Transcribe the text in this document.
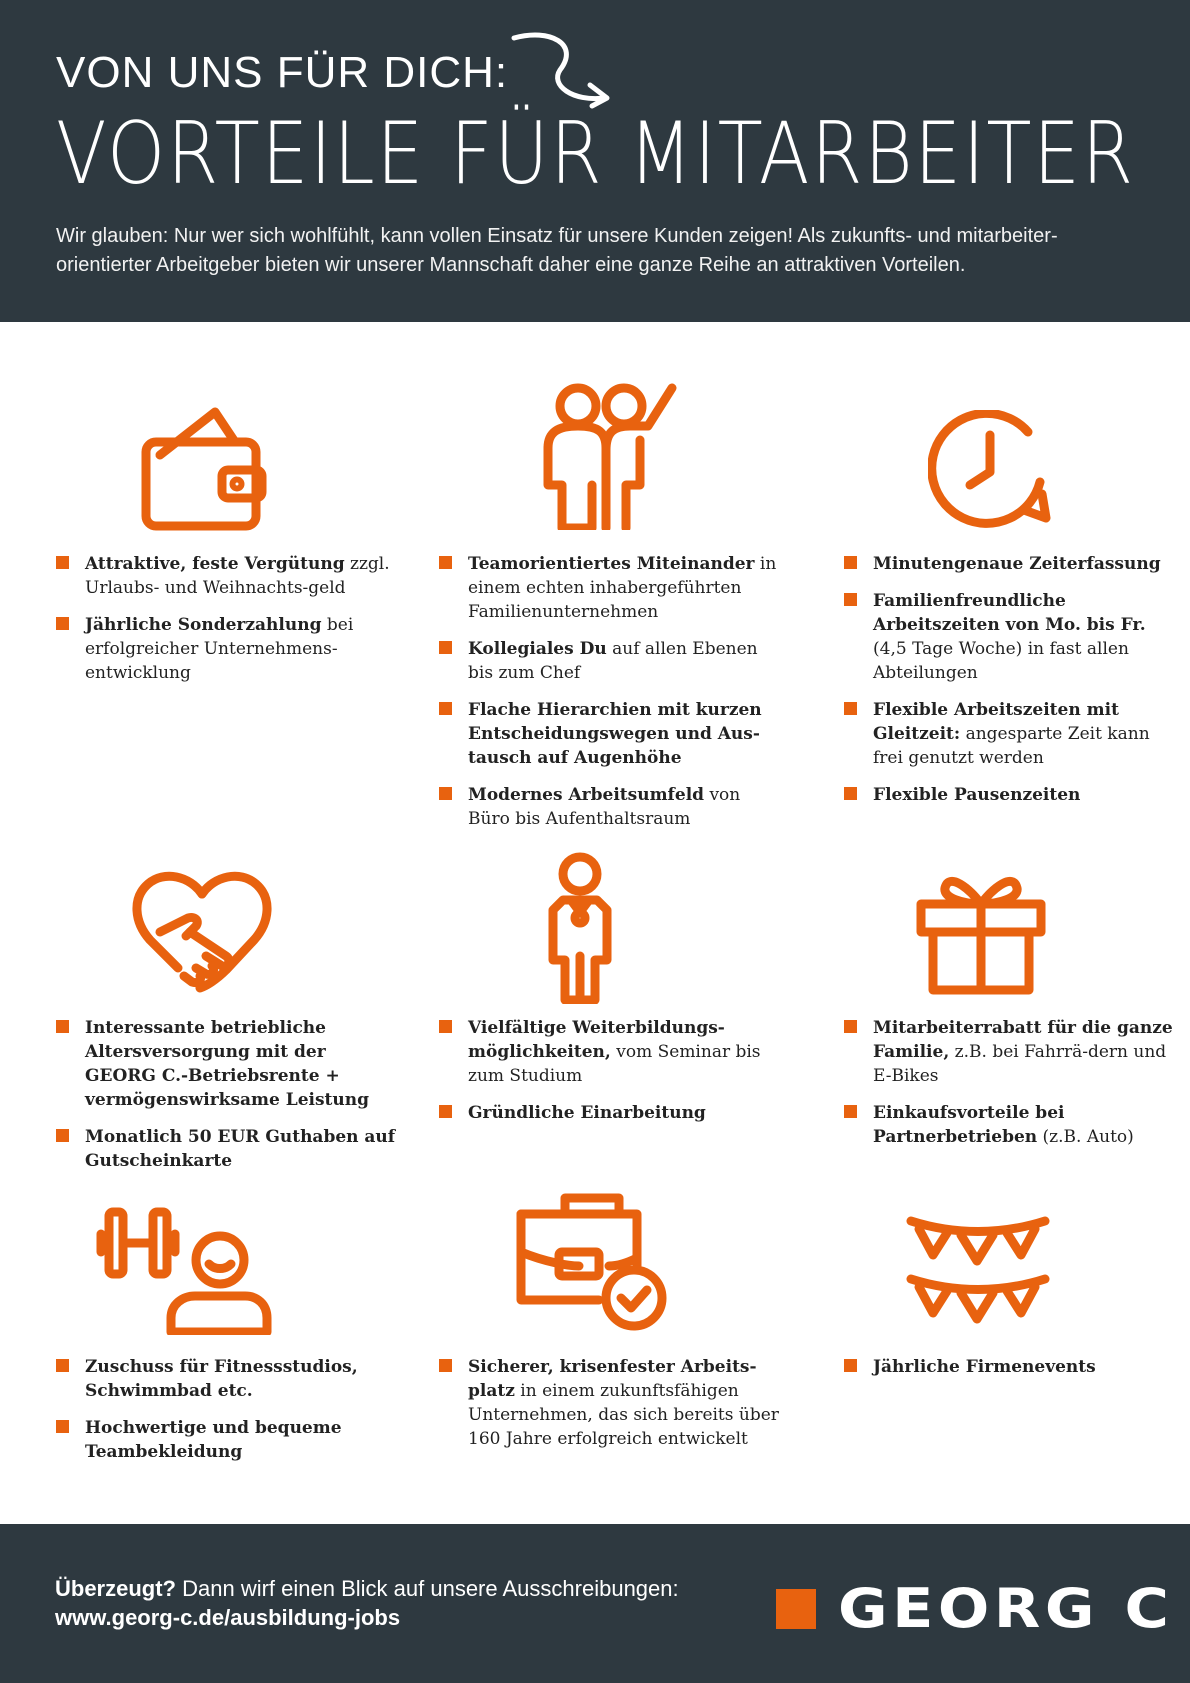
VON UNS FÜR DICH:
VORTEILE FÜR MITARBEITER
Wir glauben: Nur wer sich wohlfühlt, kann vollen Einsatz für unsere Kunden zeigen! Als zukunfts- und mitarbeiter-orientierter Arbeitgeber bieten wir unserer Mannschaft daher eine ganze Reihe an attraktiven Vorteilen.
Attraktive, feste Vergütung zzgl. Urlaubs- und Weihnachts-geld
Jährliche Sonderzahlung bei erfolgreicher Unternehmens-entwicklung
Teamorientiertes Miteinander in einem echten inhabergeführten Familienunternehmen
Kollegiales Du auf allen Ebenen bis zum Chef
Flache Hierarchien mit kurzen Entscheidungswegen und Aus-tausch auf Augenhöhe
Modernes Arbeitsumfeld von Büro bis Aufenthaltsraum
Minutengenaue Zeiterfassung
Familienfreundliche Arbeitszeiten von Mo. bis Fr. (4,5 Tage Woche) in fast allen Abteilungen
Flexible Arbeitszeiten mit Gleitzeit: angesparte Zeit kann frei genutzt werden
Flexible Pausenzeiten
Interessante betriebliche Altersversorgung mit der GEORG C.-Betriebsrente + vermögenswirksame Leistung
Monatlich 50 EUR Guthaben auf Gutscheinkarte
Vielfältige Weiterbildungs-möglichkeiten, vom Seminar bis zum Studium
Gründliche Einarbeitung
Mitarbeiterrabatt für die ganze Familie, z.B. bei Fahrrä-dern und E-Bikes
Einkaufsvorteile bei Partnerbetrieben (z.B. Auto)
Zuschuss für Fitnessstudios, Schwimmbad etc.
Hochwertige und bequeme Teambekleidung
Sicherer, krisenfester Arbeits-platz in einem zukunftsfähigen Unternehmen, das sich bereits über 160 Jahre erfolgreich entwickelt
Jährliche Firmenevents
Überzeugt? Dann wirf einen Blick auf unsere Ausschreibungen:
www.georg-c.de/ausbildung-jobs	GEORG C
